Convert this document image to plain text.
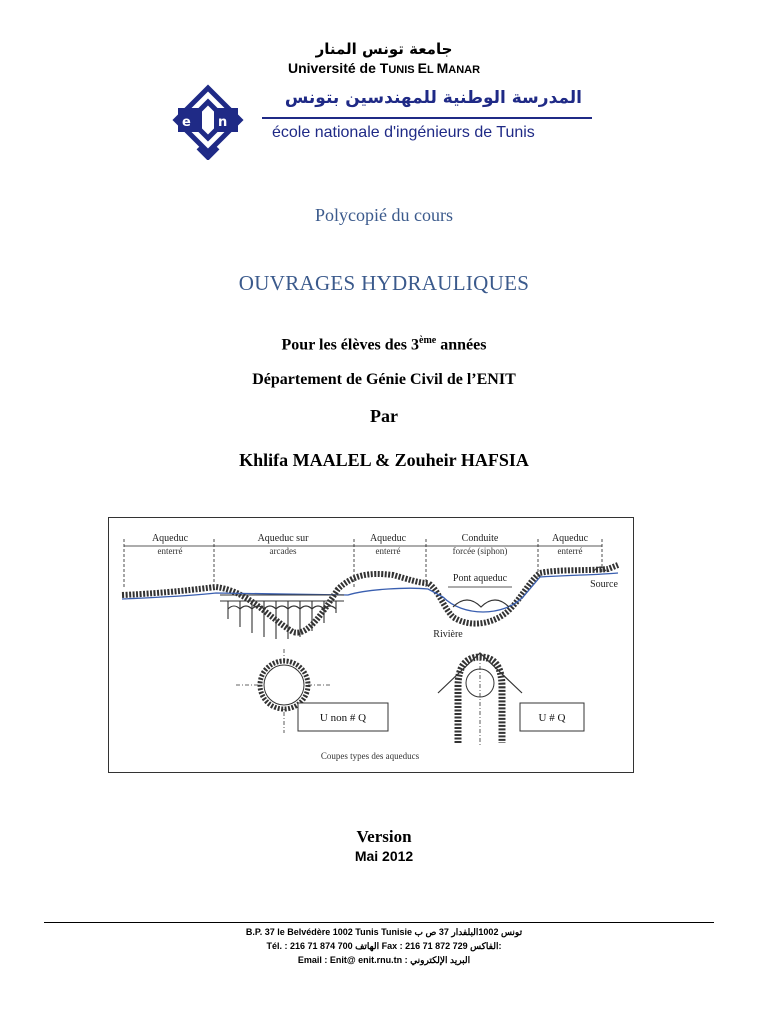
جامعة تونس المنار
Université de TUNIS EL MANAR
e n
المدرسة الوطنية للمهندسين بتونس
école nationale d'ingénieurs de Tunis
Polycopié du cours
OUVRAGES HYDRAULIQUES
Pour les élèves des 3ème années
Département de Génie Civil de l’ENIT
Par
Khlifa MAALEL & Zouheir HAFSIA
Aqueduc
enterré
Aqueduc sur
arcades
Aqueduc
enterré
Conduite
forcée (siphon)
Aqueduc
enterré
Pont aqueduc
Rivière
Source
U non # Q	U # Q
Coupes types des aqueducs
Version
Mai 2012
B.P. 37 le Belvédère 1002 Tunis Tunisie تونس 1002البلفدار 37 ص ب
Tél. : 216 71 874 700 الهاتف Fax : 216 71 872 729 الفاكس:
Email : Enit@ enit.rnu.tn : البريد الإلكتروني
